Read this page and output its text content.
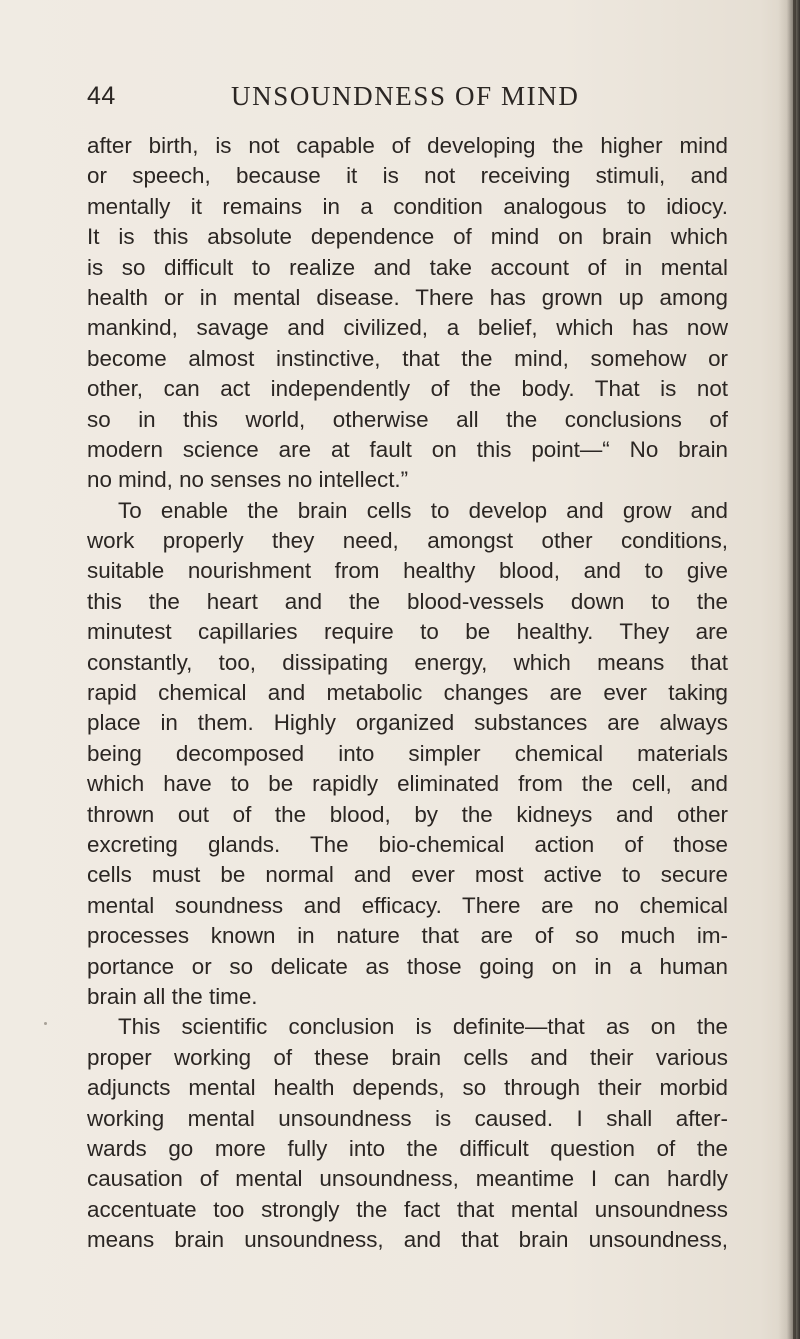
44	UNSOUNDNESS OF MIND
after birth, is not capable of developing the higher mind
or speech, because it is not receiving stimuli, and
mentally it remains in a condition analogous to idiocy.
It is this absolute dependence of mind on brain which
is so difficult to realize and take account of in mental
health or in mental disease. There has grown up among
mankind, savage and civilized, a belief, which has now
become almost instinctive, that the mind, somehow or
other, can act independently of the body. That is not
so in this world, otherwise all the conclusions of
modern science are at fault on this point—“ No brain
no mind, no senses no intellect.”
To enable the brain cells to develop and grow and
work properly they need, amongst other conditions,
suitable nourishment from healthy blood, and to give
this the heart and the blood-vessels down to the
minutest capillaries require to be healthy. They are
constantly, too, dissipating energy, which means that
rapid chemical and metabolic changes are ever taking
place in them. Highly organized substances are always
being decomposed into simpler chemical materials
which have to be rapidly eliminated from the cell, and
thrown out of the blood, by the kidneys and other
excreting glands. The bio-chemical action of those
cells must be normal and ever most active to secure
mental soundness and efficacy. There are no chemical
processes known in nature that are of so much im-
portance or so delicate as those going on in a human
brain all the time.
This scientific conclusion is definite—that as on the
proper working of these brain cells and their various
adjuncts mental health depends, so through their morbid
working mental unsoundness is caused. I shall after-
wards go more fully into the difficult question of the
causation of mental unsoundness, meantime I can hardly
accentuate too strongly the fact that mental unsoundness
means brain unsoundness, and that brain unsoundness,
